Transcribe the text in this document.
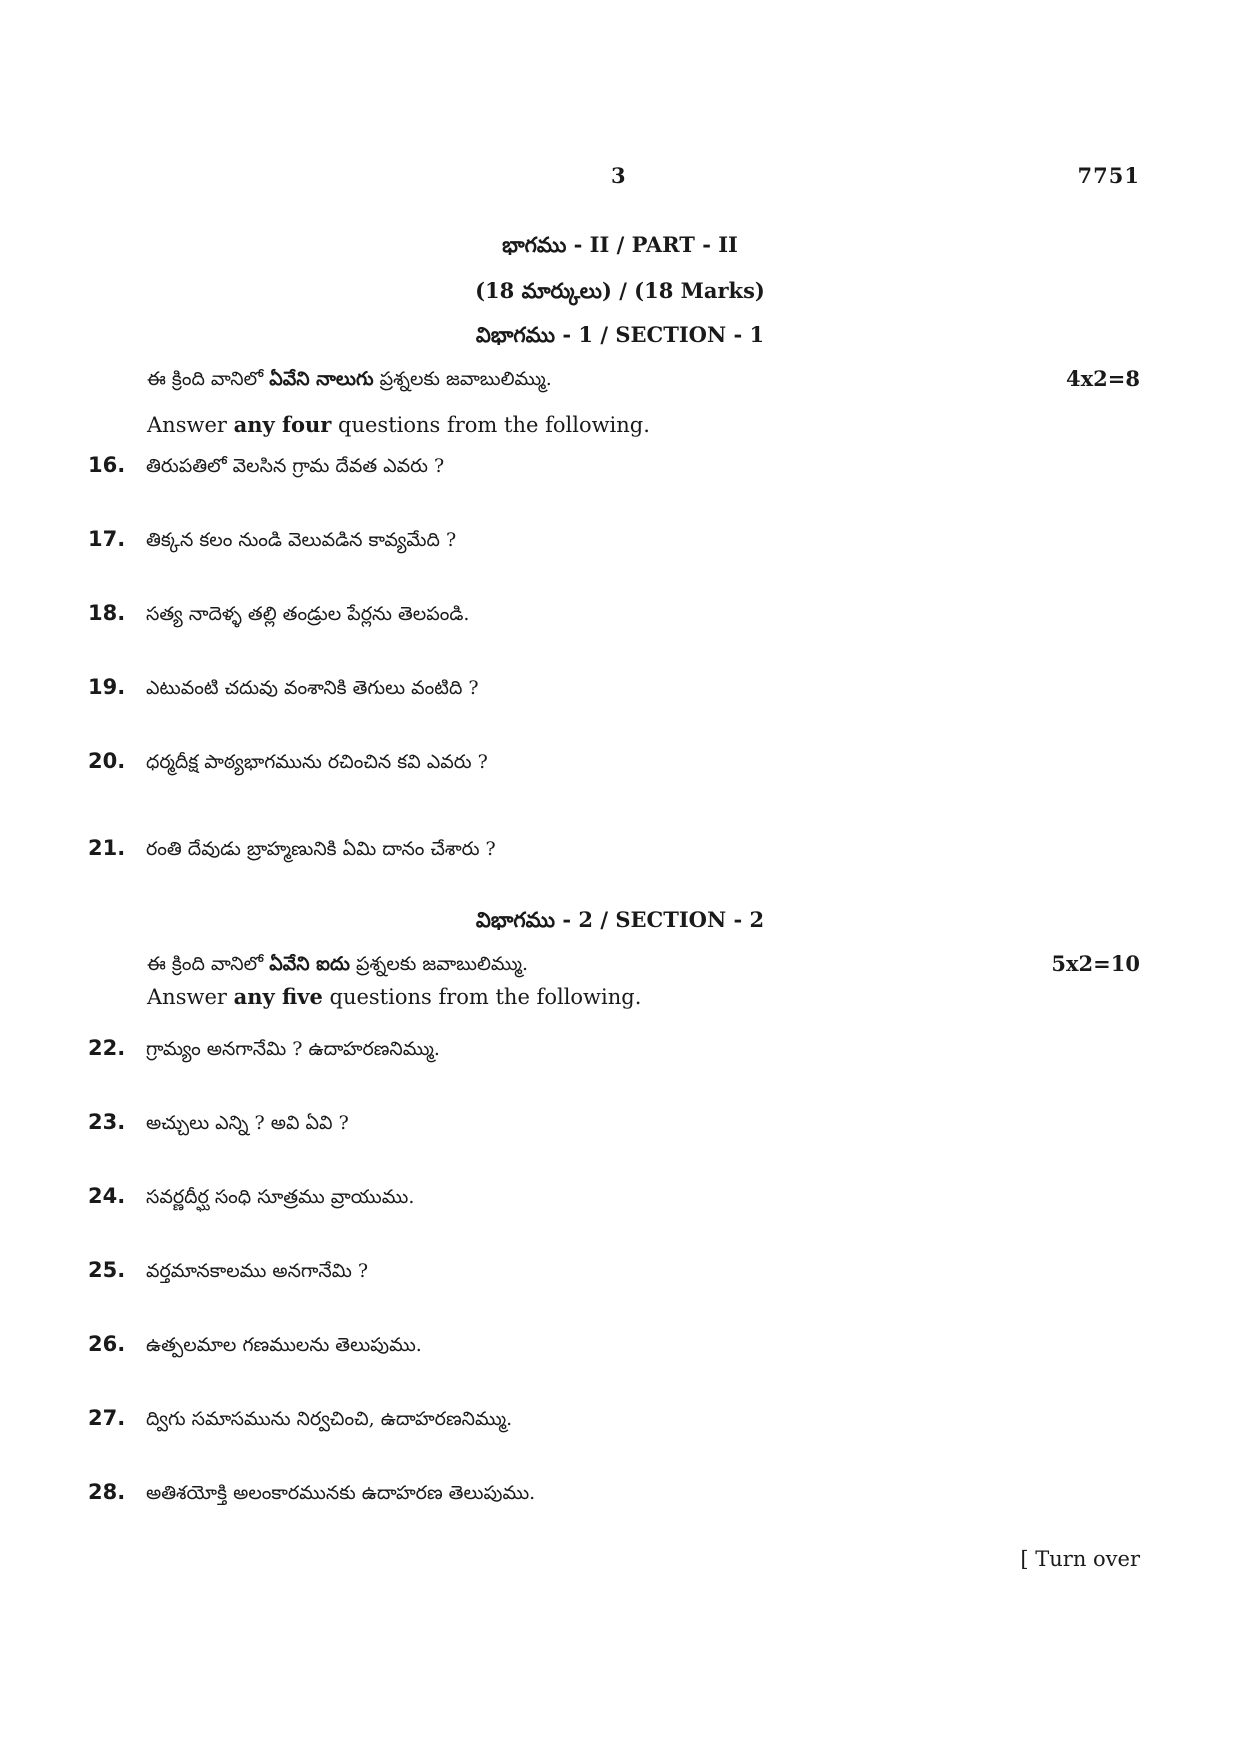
3	7751
భాగము - II / PART - II
(18 మార్కులు) / (18 Marks)
విభాగము - 1 / SECTION - 1
ఈ క్రింది వానిలో ఏవేని నాలుగు ప్రశ్నలకు జవాబులిమ్ము.	4x2=8
Answer any four questions from the following.
16. తిరుపతిలో వెలసిన గ్రామ దేవత ఎవరు ?
17. తిక్కన కలం నుండి వెలువడిన కావ్యమేది ?
18. సత్య నాదెళ్ళ తల్లి తండ్రుల పేర్లను తెలపండి.
19. ఎటువంటి చదువు వంశానికి తెగులు వంటిది ?
20. ధర్మదీక్ష పాఠ్యభాగమును రచించిన కవి ఎవరు ?
21. రంతి దేవుడు బ్రాహ్మణునికి ఏమి దానం చేశారు ?
విభాగము - 2 / SECTION - 2
ఈ క్రింది వానిలో ఏవేని ఐదు ప్రశ్నలకు జవాబులిమ్ము.	5x2=10
Answer any five questions from the following.
22. గ్రామ్యం అనగానేమి ? ఉదాహరణనిమ్ము.
23. అచ్చులు ఎన్ని ? అవి ఏవి ?
24. సవర్ణదీర్ఘ సంధి సూత్రము వ్రాయుము.
25. వర్తమానకాలము అనగానేమి ?
26. ఉత్పలమాల గణములను తెలుపుము.
27. ద్విగు సమాసమును నిర్వచించి, ఉదాహరణనిమ్ము.
28. అతిశయోక్తి అలంకారమునకు ఉదాహరణ తెలుపుము.
[ Turn over
